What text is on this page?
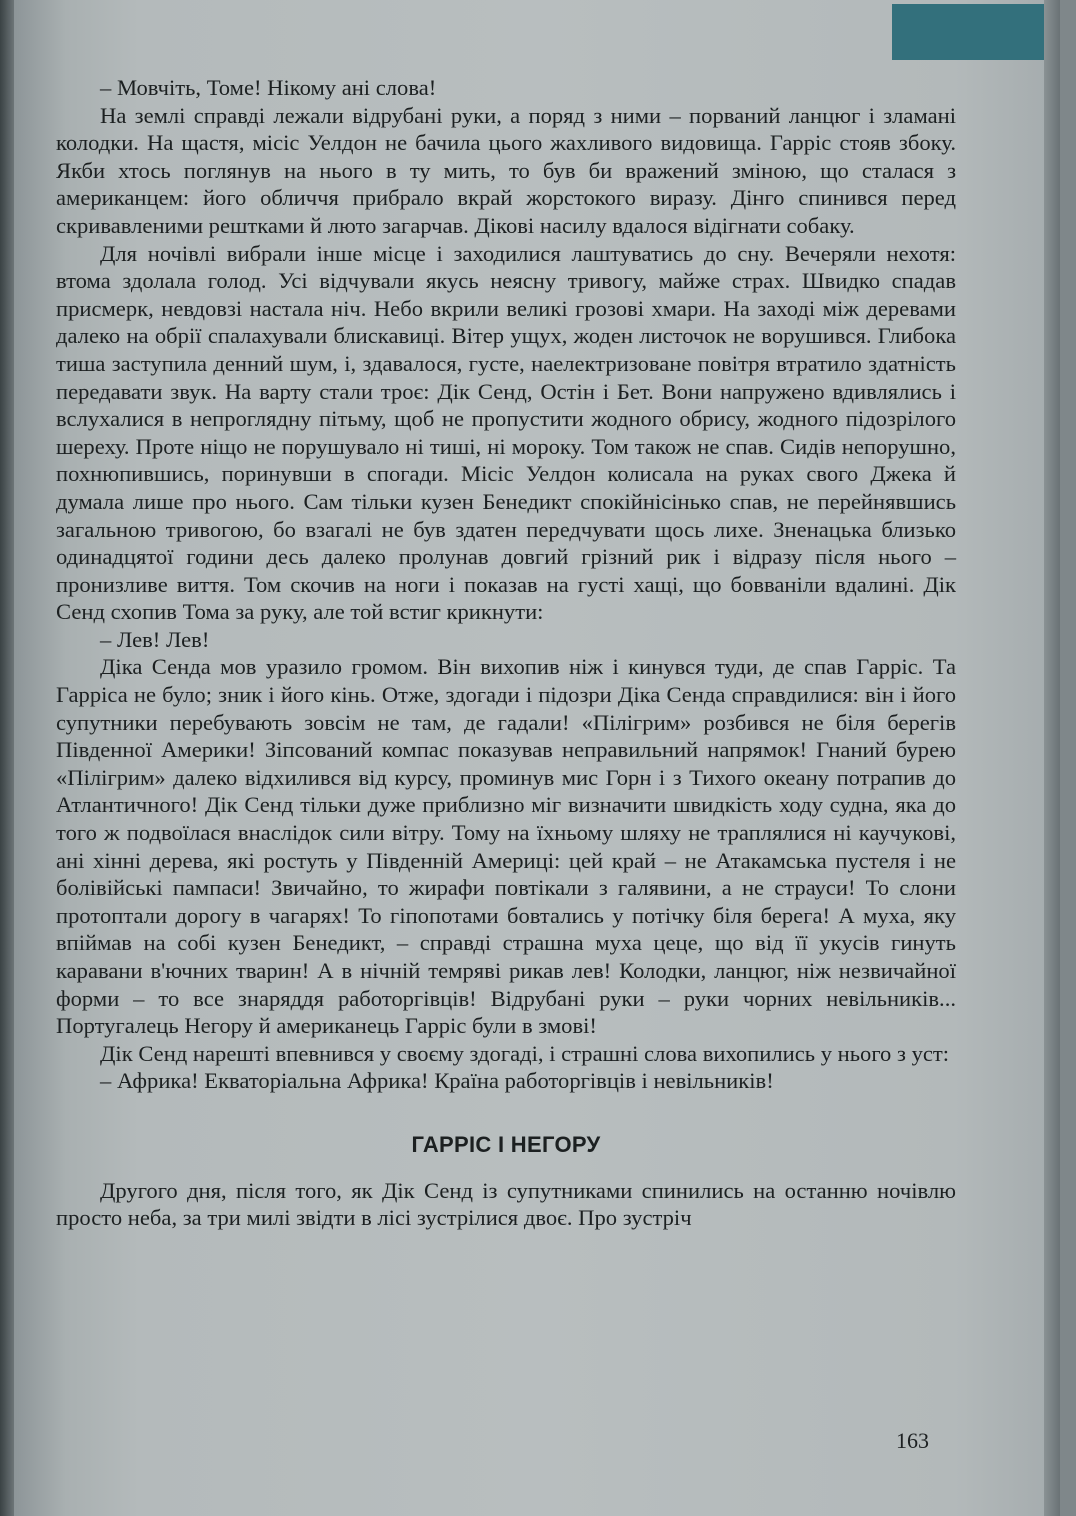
– Мовчіть, Томе! Нікому ані слова!

На землі справді лежали відрубані руки, а поряд з ними – порваний ланцюг і зламані колодки. На щастя, місіс Уелдон не бачила цього жахливого видовища. Гарріс стояв збоку. Якби хтось поглянув на нього в ту мить, то був би вражений зміною, що сталася з американцем: його обличчя прибрало вкрай жорстокого виразу. Дінго спинився перед скривавленими рештками й люто загарчав. Дікові насилу вдалося відігнати собаку.

Для ночівлі вибрали інше місце і заходилися лаштуватись до сну. Вечеряли нехотя: втома здолала голод. Усі відчували якусь неясну тривогу, майже страх. Швидко спадав присмерк, невдовзі настала ніч. Небо вкрили великі грозові хмари. На заході між деревами далеко на обрії спалахували блискавиці. Вітер ущух, жоден листочок не ворушився. Глибока тиша заступила денний шум, і, здавалося, густе, наелектризоване повітря втратило здатність передавати звук. На варту стали троє: Дік Сенд, Остін і Бет. Вони напружено вдивлялись і вслухалися в непроглядну пітьму, щоб не пропустити жодного обрису, жодного підозрілого шереху. Проте ніщо не порушувало ні тиші, ні мороку. Том також не спав. Сидів непорушно, похнюпившись, поринувши в спогади. Місіс Уелдон колисала на руках свого Джека й думала лише про нього. Сам тільки кузен Бенедикт спокійнісінько спав, не перейнявшись загальною тривогою, бо взагалі не був здатен передчувати щось лихе. Зненацька близько одинадцятої години десь далеко пролунав довгий грізний рик і відразу після нього – пронизливе виття. Том скочив на ноги і показав на густі хащі, що бовваніли вдалині. Дік Сенд схопив Тома за руку, але той встиг крикнути:

– Лев! Лев!

Діка Сенда мов уразило громом. Він вихопив ніж і кинувся туди, де спав Гарріс. Та Гарріса не було; зник і його кінь. Отже, здогади і підозри Діка Сенда справдилися: він і його супутники перебувають зовсім не там, де гадали! «Пілігрим» розбився не біля берегів Південної Америки! Зіпсований компас показував неправильний напрямок! Гнаний бурею «Пілігрим» далеко відхилився від курсу, проминув мис Горн і з Тихого океану потрапив до Атлантичного! Дік Сенд тільки дуже приблизно міг визначити швидкість ходу судна, яка до того ж подвоїлася внаслідок сили вітру. Тому на їхньому шляху не траплялися ні каучукові, ані хінні дерева, які ростуть у Південній Америці: цей край – не Атакамська пустеля і не болівійські пампаси! Звичайно, то жирафи повтікали з галявини, а не страуси! То слони протоптали дорогу в чагарях! То гіпопотами бовтались у потічку біля берега! А муха, яку впіймав на собі кузен Бенедикт, – справді страшна муха цеце, що від її укусів гинуть каравани в'ючних тварин! А в нічній темряві рикав лев! Колодки, ланцюг, ніж незвичайної форми – то все знаряддя работоргівців! Відрубані руки – руки чорних невільників... Португалець Негору й американець Гарріс були в змові!

Дік Сенд нарешті впевнився у своєму здогаді, і страшні слова вихопились у нього з уст:

– Африка! Екваторіальна Африка! Країна работоргівців і невільників!

ГАРРІС І НЕГОРУ

Другого дня, після того, як Дік Сенд із супутниками спинились на останню ночівлю просто неба, за три милі звідти в лісі зустрілися двоє. Про зустріч

163
